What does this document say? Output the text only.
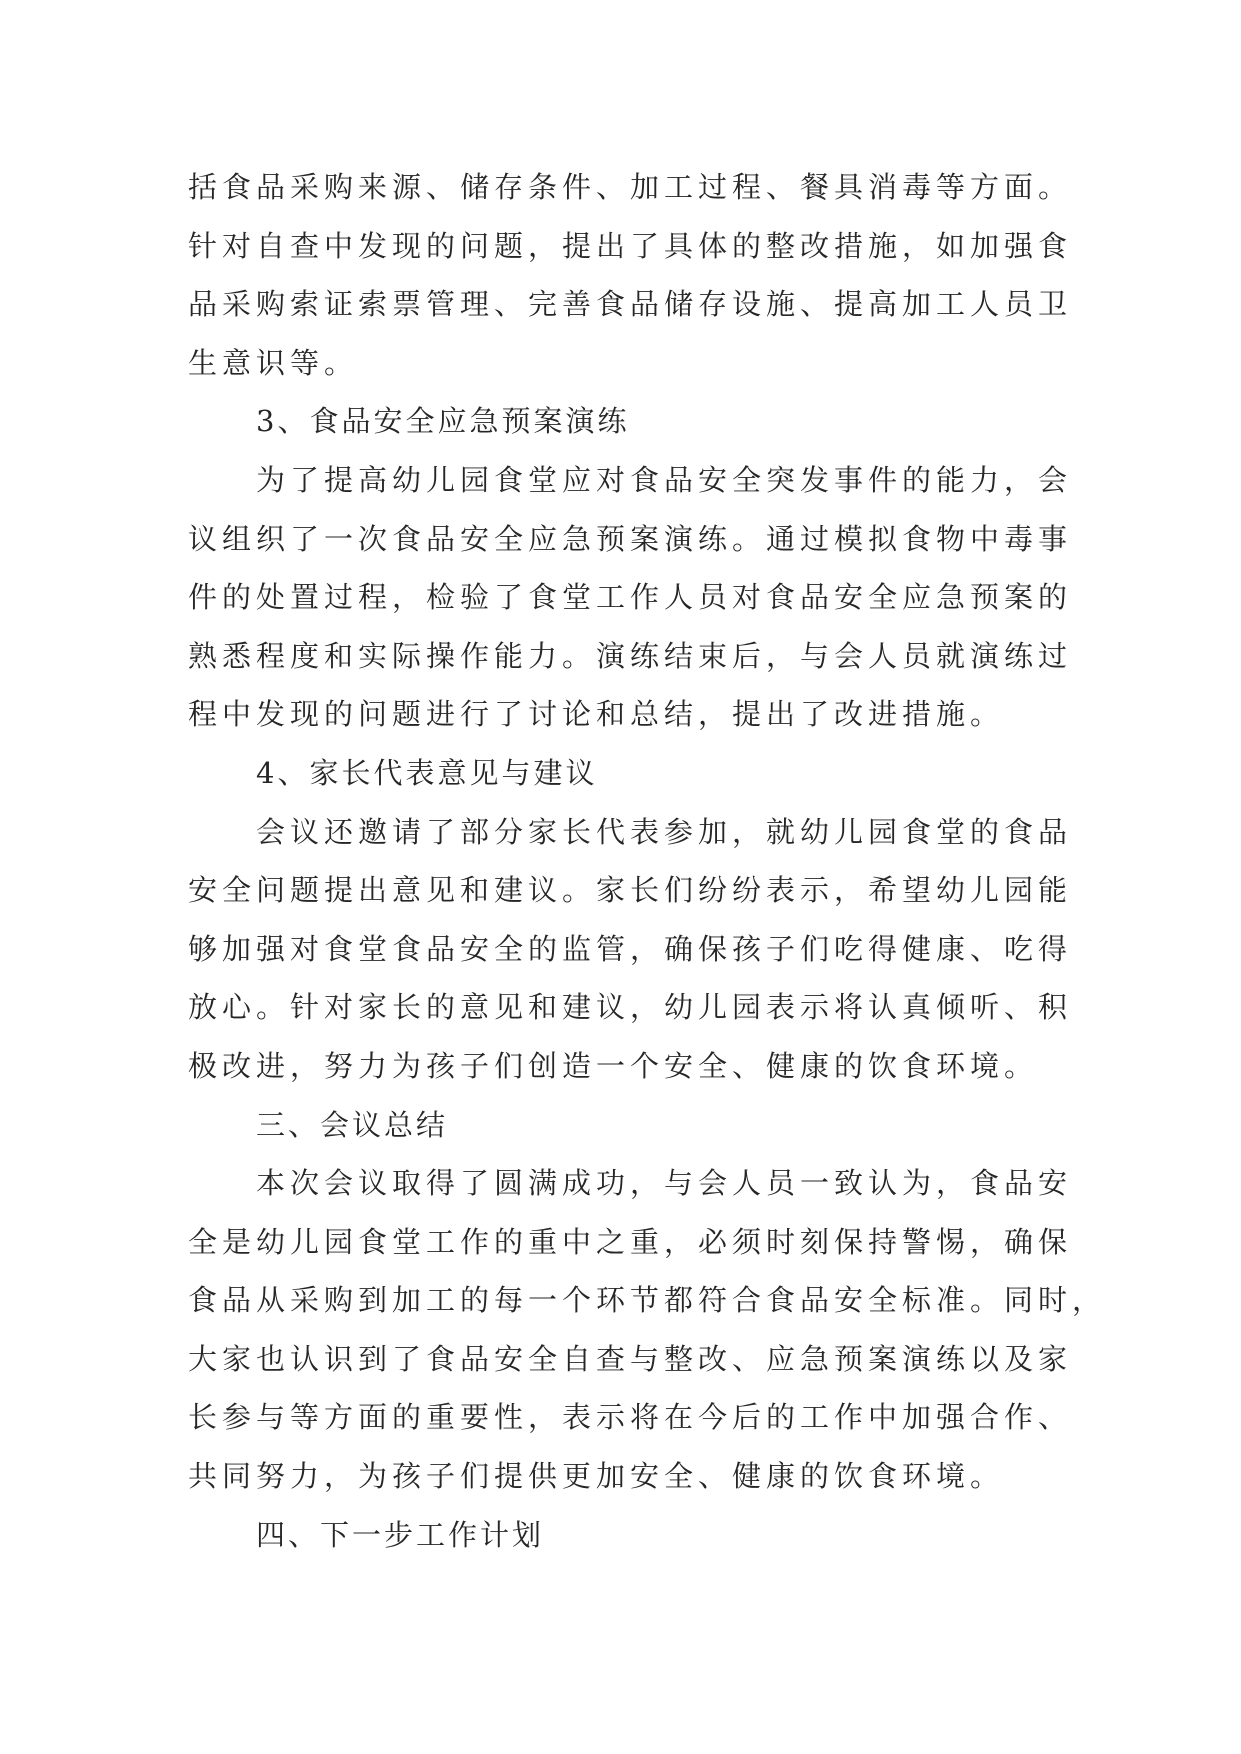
括食品采购来源、储存条件、加工过程、餐具消毒等方面。
针对自查中发现的问题，提出了具体的整改措施，如加强食
品采购索证索票管理、完善食品储存设施、提高加工人员卫
生意识等。
3、食品安全应急预案演练
为了提高幼儿园食堂应对食品安全突发事件的能力，会
议组织了一次食品安全应急预案演练。通过模拟食物中毒事
件的处置过程，检验了食堂工作人员对食品安全应急预案的
熟悉程度和实际操作能力。演练结束后，与会人员就演练过
程中发现的问题进行了讨论和总结，提出了改进措施。
4、家长代表意见与建议
会议还邀请了部分家长代表参加，就幼儿园食堂的食品
安全问题提出意见和建议。家长们纷纷表示，希望幼儿园能
够加强对食堂食品安全的监管，确保孩子们吃得健康、吃得
放心。针对家长的意见和建议，幼儿园表示将认真倾听、积
极改进，努力为孩子们创造一个安全、健康的饮食环境。
三、会议总结
本次会议取得了圆满成功，与会人员一致认为，食品安
全是幼儿园食堂工作的重中之重，必须时刻保持警惕，确保
食品从采购到加工的每一个环节都符合食品安全标准。同时，
大家也认识到了食品安全自查与整改、应急预案演练以及家
长参与等方面的重要性，表示将在今后的工作中加强合作、
共同努力，为孩子们提供更加安全、健康的饮食环境。
四、下一步工作计划
